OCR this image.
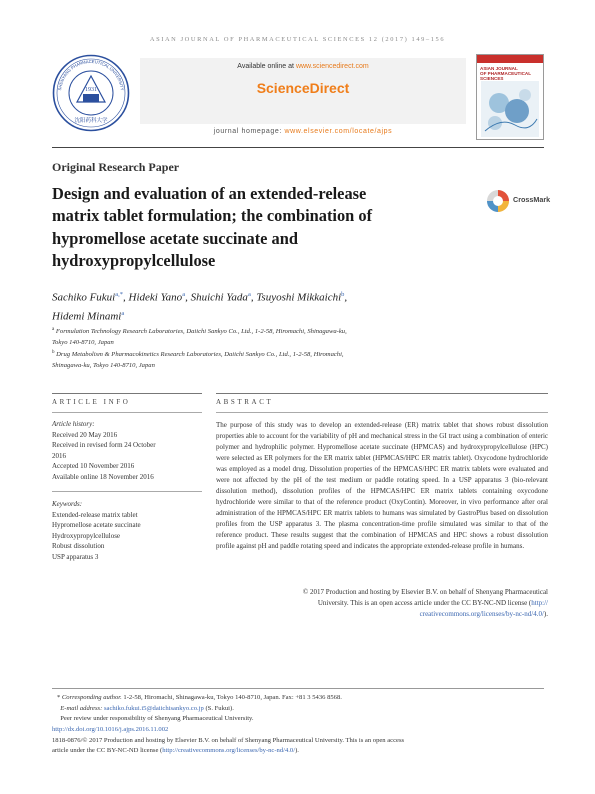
ASIAN JOURNAL OF PHARMACEUTICAL SCIENCES 12 (2017) 149–156
1931
沈阳药科大学
SHENYANG PHARMACEUTICAL UNIVERSITY
Available online at www.sciencedirect.com
ScienceDirect
journal homepage: www.elsevier.com/locate/ajps
ASIAN JOURNAL
OF PHARMACEUTICAL SCIENCES
Original Research Paper
Design and evaluation of an extended-release
matrix tablet formulation; the combination of
hypromellose acetate succinate and
hydroxypropylcellulose
CrossMark
Sachiko Fukui$^{a,*}$, Hideki Yano$^a$, Shuichi Yada$^a$, Tsuyoshi Mikkaichi$^b$,
Hidemi Minami$^a$
$^a$ Formulation Technology Research Laboratories, Daiichi Sankyo Co., Ltd., 1-2-58, Hiromachi, Shinagawa-ku,
Tokyo 140-8710, Japan
$^b$ Drug Metabolism & Pharmacokinetics Research Laboratories, Daiichi Sankyo Co., Ltd., 1-2-58, Hiromachi,
Shinagawa-ku, Tokyo 140-8710, Japan
ARTICLE INFO
Article history:
Received 20 May 2016
Received in revised form 24 October
2016
Accepted 10 November 2016
Available online 18 November 2016
Keywords:
Extended-release matrix tablet
Hypromellose acetate succinate
Hydroxypropylcellulose
Robust dissolution
USP apparatus 3
ABSTRACT
The purpose of this study was to develop an extended-release (ER) matrix tablet that shows robust dissolution properties able to account for the variability of pH and mechanical stress in the GI tract using a combination of enteric polymer and hydrophilic polymer. Hypromellose acetate succinate (HPMCAS) and hydroxypropylcellulose (HPC) were selected as ER polymers for the ER matrix tablet (HPMCAS/HPC ER matrix tablet). Oxycodone hydrochloride was employed as a model drug. Dissolution properties of the HPMCAS/HPC ER matrix tablets were evaluated and were not affected by the pH of the test medium or paddle rotating speed. In a USP apparatus 3 (bio-relevant dissolution method), dissolution profiles of the HPMCAS/HPC ER matrix tablets containing oxycodone hydrochloride were similar to that of the reference product (OxyContin). Moreover, in vivo performance after oral administration of the HPMCAS/HPC ER matrix tablets to humans was simulated by GastroPlus based on dissolution profiles from the USP apparatus 3. The plasma concentration-time profile simulated was similar to that of the reference product. These results suggest that the combination of HPMCAS and HPC shows a robust dissolution profile against pH and paddle rotating speed and indicates the appropriate extended-release profile in humans.
© 2017 Production and hosting by Elsevier B.V. on behalf of Shenyang Pharmaceutical
University. This is an open access article under the CC BY-NC-ND license (http://
creativecommons.org/licenses/by-nc-nd/4.0/).
* Corresponding author. 1-2-58, Hiromachi, Shinagawa-ku, Tokyo 140-8710, Japan. Fax: +81 3 5436 8568.
E-mail address: sachiko.fukui.i5@daiichisankyo.co.jp (S. Fukui).
Peer review under responsibility of Shenyang Pharmaceutical University.
http://dx.doi.org/10.1016/j.ajps.2016.11.002
1818-0876/© 2017 Production and hosting by Elsevier B.V. on behalf of Shenyang Pharmaceutical University. This is an open access
article under the CC BY-NC-ND license (http://creativecommons.org/licenses/by-nc-nd/4.0/).
